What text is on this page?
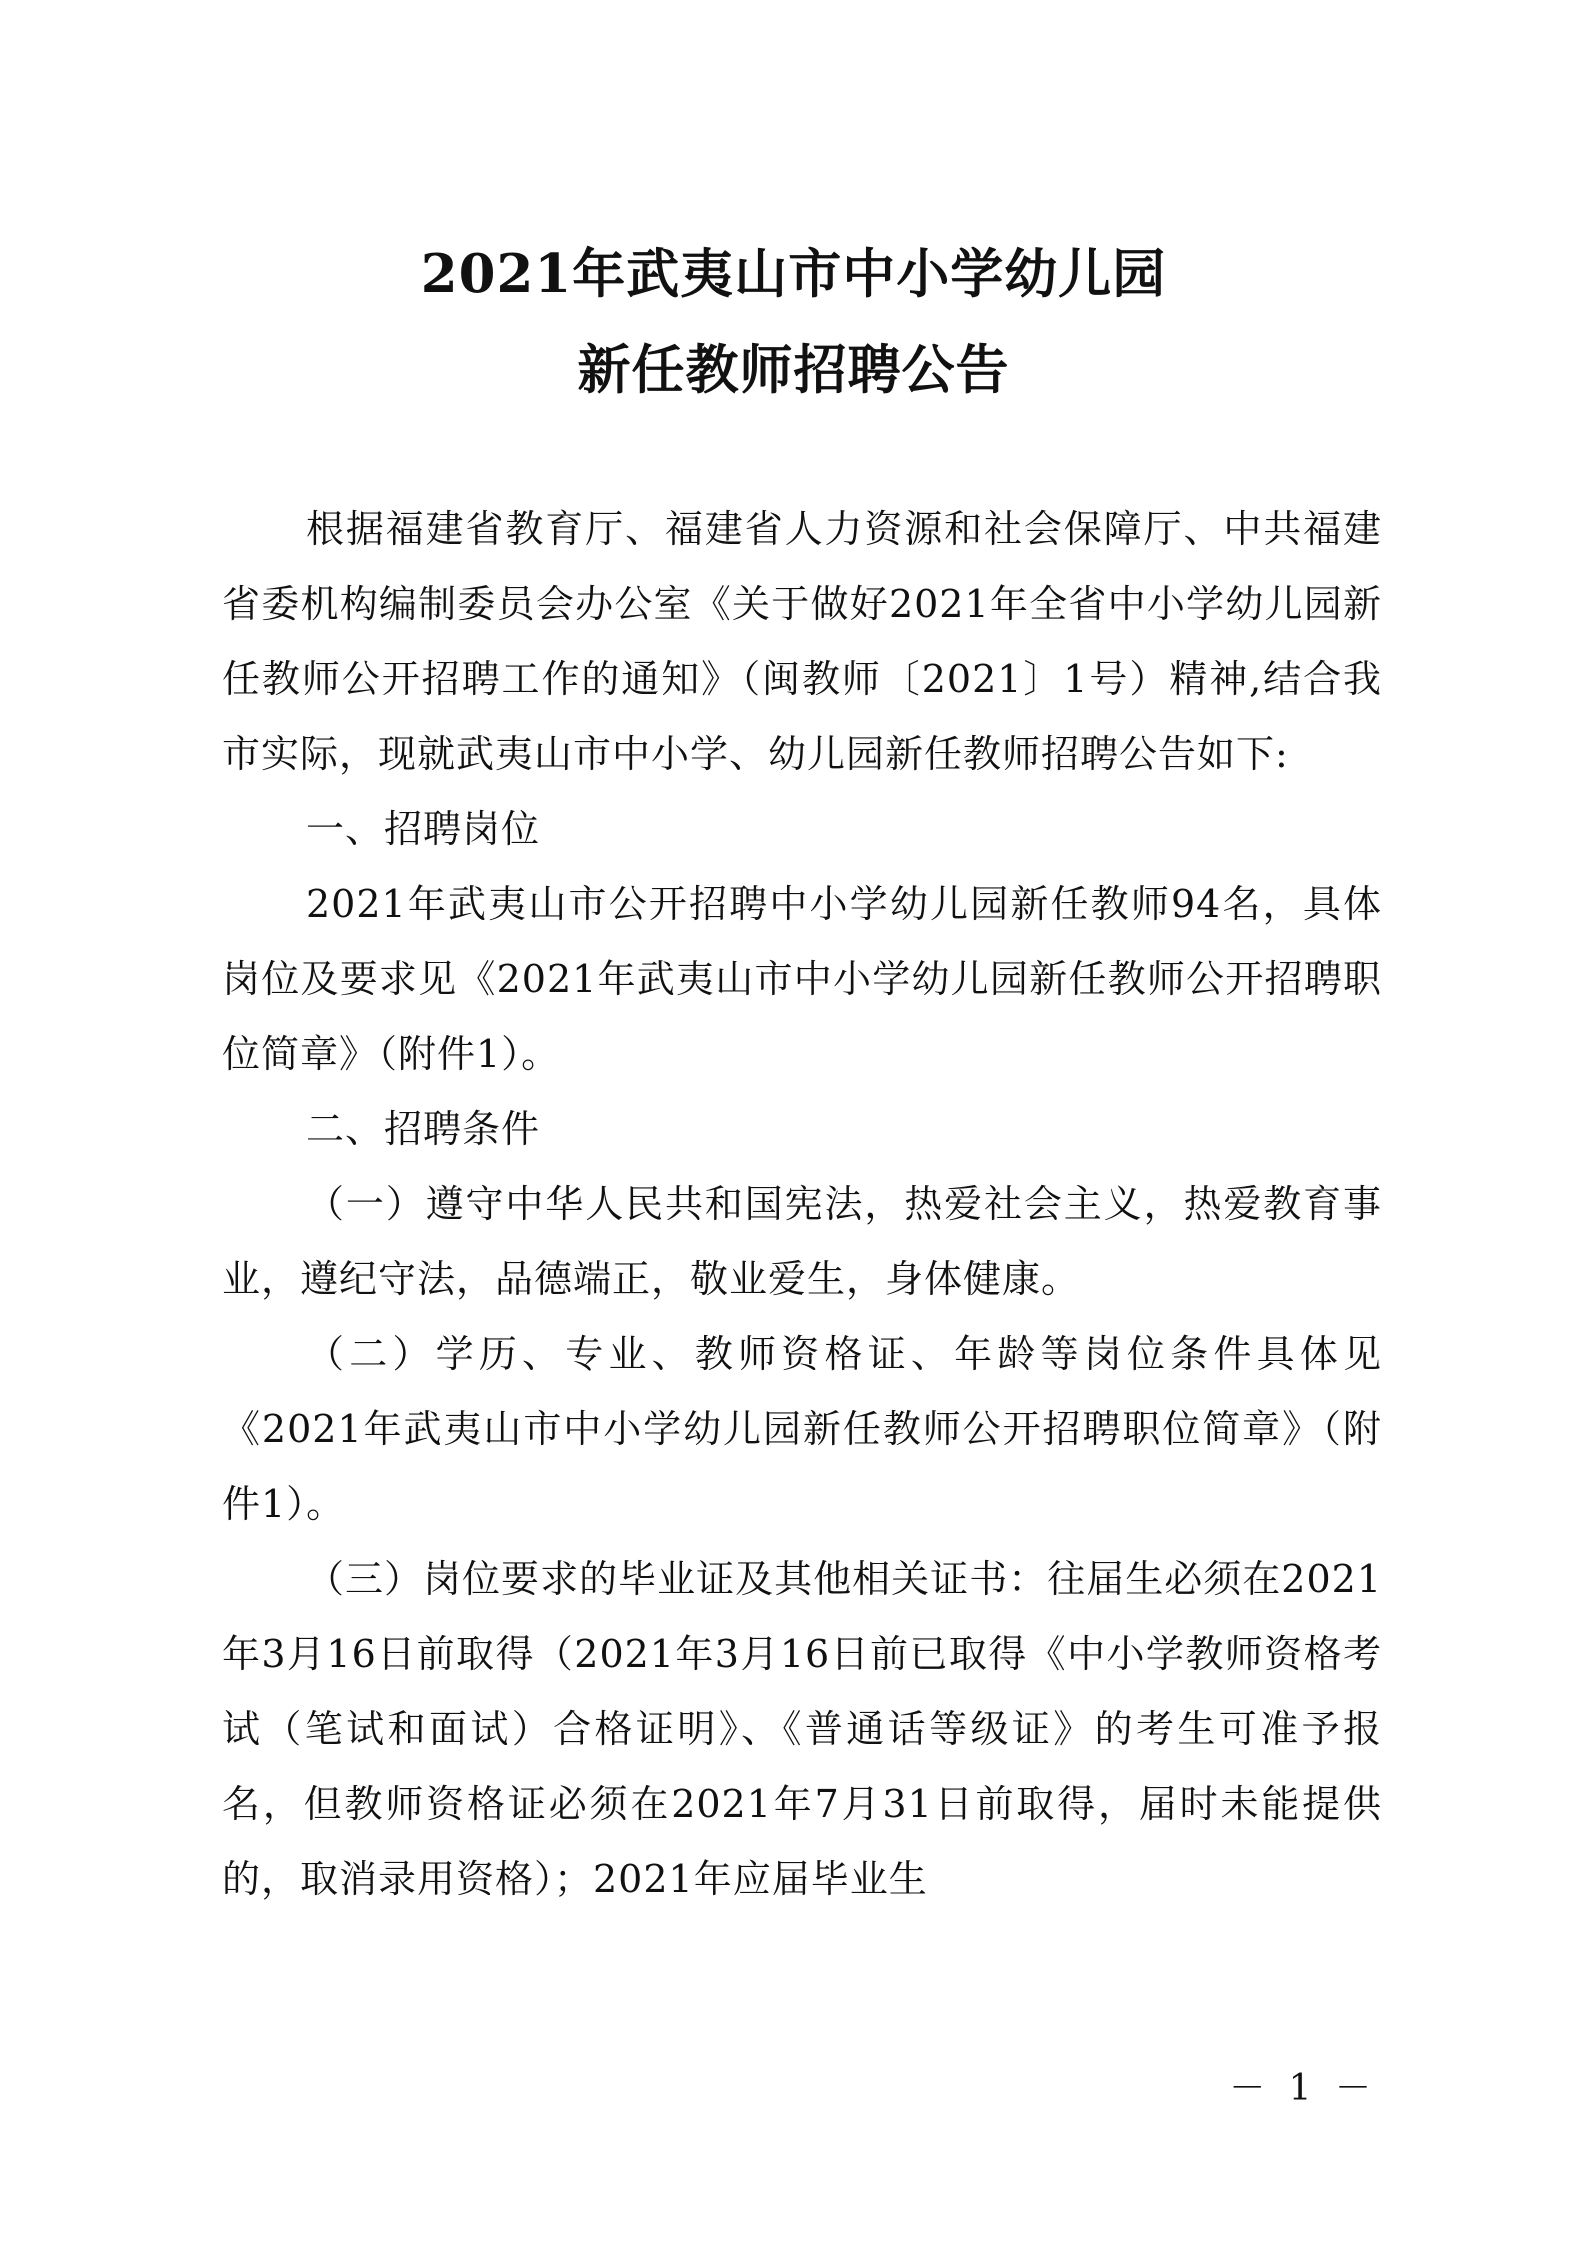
2021年武夷山市中小学幼儿园
新任教师招聘公告

根据福建省教育厅、福建省人力资源和社会保障厅、中共福建省委机构编制委员会办公室《关于做好2021年全省中小学幼儿园新任教师公开招聘工作的通知》（闽教师〔2021〕1号）精神,结合我市实际，现就武夷山市中小学、幼儿园新任教师招聘公告如下:

一、招聘岗位

2021年武夷山市公开招聘中小学幼儿园新任教师94名，具体岗位及要求见《2021年武夷山市中小学幼儿园新任教师公开招聘职位简章》（附件1）。

二、招聘条件

（一）遵守中华人民共和国宪法，热爱社会主义，热爱教育事业，遵纪守法，品德端正，敬业爱生，身体健康。

（二）学历、专业、教师资格证、年龄等岗位条件具体见《2021年武夷山市中小学幼儿园新任教师公开招聘职位简章》（附件1）。

（三）岗位要求的毕业证及其他相关证书：往届生必须在2021年3月16日前取得（2021年3月16日前已取得《中小学教师资格考试（笔试和面试）合格证明》、《普通话等级证》的考生可准予报名，但教师资格证必须在2021年7月31日前取得，届时未能提供的，取消录用资格）；2021年应届毕业生

－ 1 －
